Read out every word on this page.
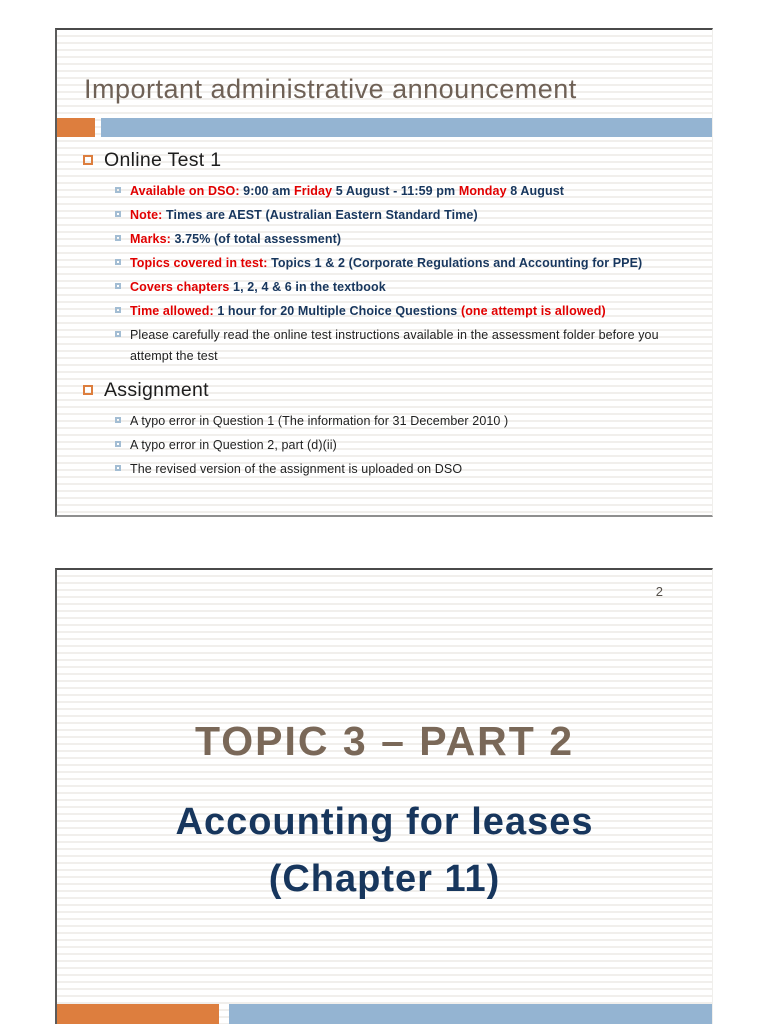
Important administrative announcement
Online Test 1

Available on DSO: 9:00 am Friday 5 August - 11:59 pm Monday 8 August

Note: Times are AEST (Australian Eastern Standard Time)

Marks: 3.75% (of total assessment)

Topics covered in test: Topics 1 & 2 (Corporate Regulations and Accounting for PPE)

Covers chapters 1, 2, 4 & 6 in the textbook

Time allowed: 1 hour for 20 Multiple Choice Questions (one attempt is allowed)

Please carefully read the online test instructions available in the assessment folder before you attempt the test

Assignment

A typo error in Question 1 (The information for 31 December 2010 )

A typo error in Question 2, part (d)(ii)

The revised version of the assignment is uploaded on DSO

2
TOPIC 3 – PART 2
Accounting for leases
(Chapter 11)
